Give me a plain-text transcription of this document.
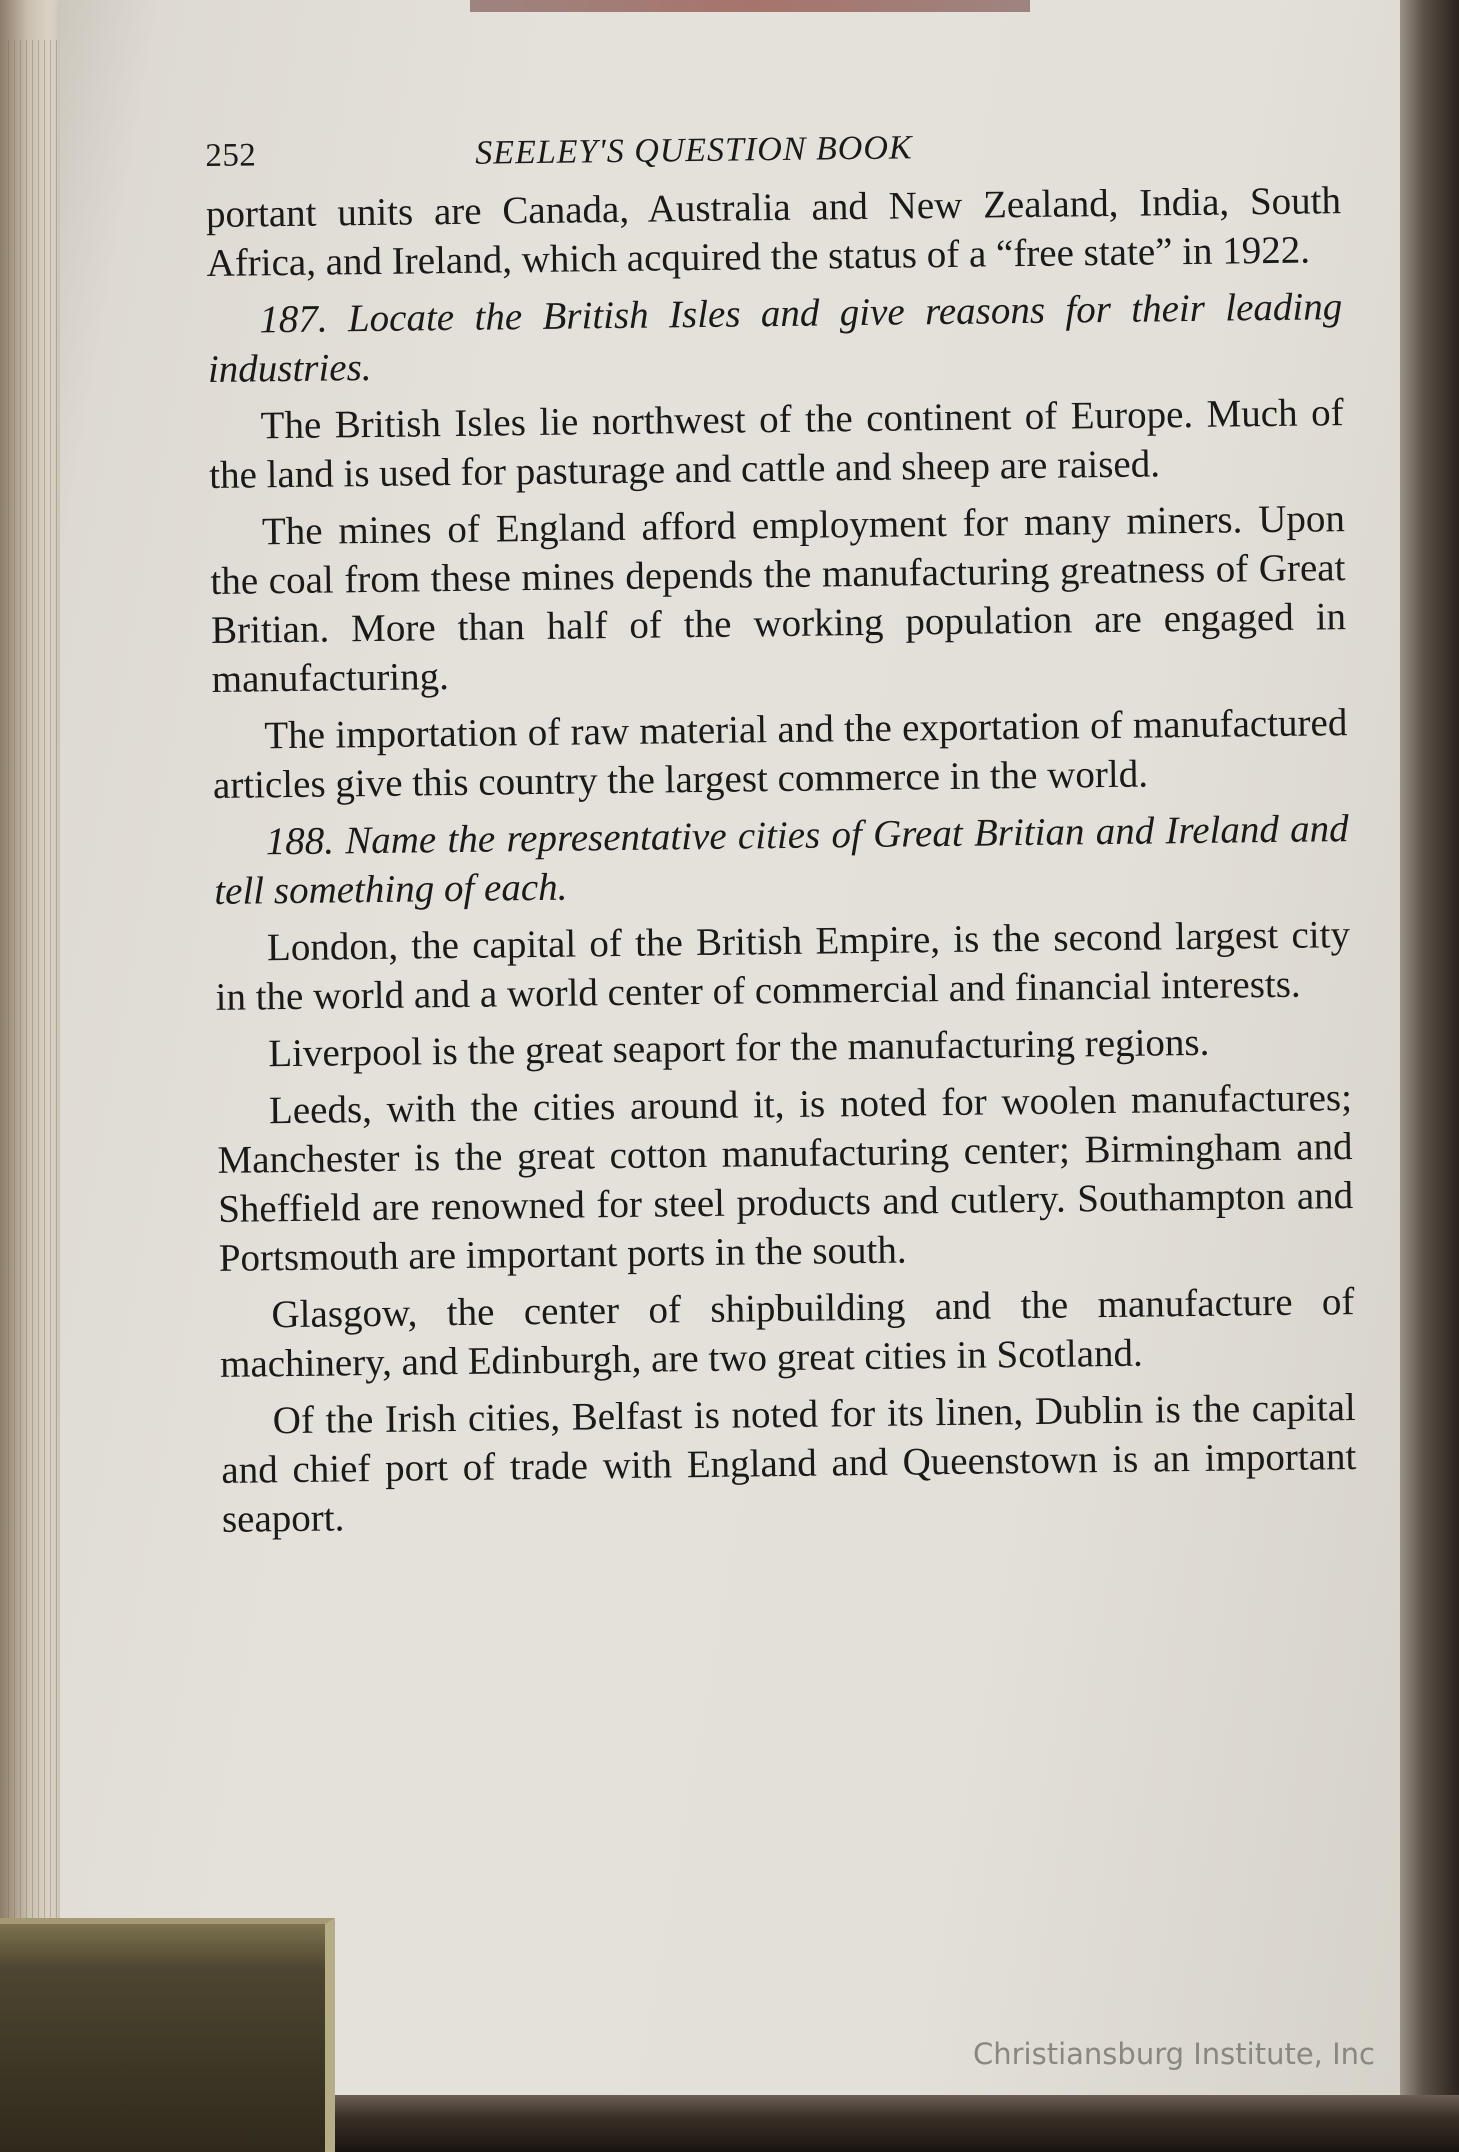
252	SEELEY'S QUESTION BOOK

portant units are Canada, Australia and New Zealand, India, South Africa, and Ireland, which acquired the status of a “free state” in 1922.

187. Locate the British Isles and give reasons for their leading industries.

The British Isles lie northwest of the continent of Europe. Much of the land is used for pasturage and cattle and sheep are raised.

The mines of England afford employment for many miners. Upon the coal from these mines depends the manufacturing greatness of Great Britian. More than half of the working population are engaged in manufacturing.

The importation of raw material and the exportation of manufactured articles give this country the largest commerce in the world.

188. Name the representative cities of Great Britian and Ireland and tell something of each.

London, the capital of the British Empire, is the second largest city in the world and a world center of commercial and financial interests.

Liverpool is the great seaport for the manufacturing regions.

Leeds, with the cities around it, is noted for woolen manufactures; Manchester is the great cotton manufacturing center; Birmingham and Sheffield are renowned for steel products and cutlery. Southampton and Portsmouth are important ports in the south.

Glasgow, the center of shipbuilding and the manufacture of machinery, and Edinburgh, are two great cities in Scotland.

Of the Irish cities, Belfast is noted for its linen, Dublin is the capital and chief port of trade with England and Queenstown is an important seaport.

Christiansburg Institute, Inc
